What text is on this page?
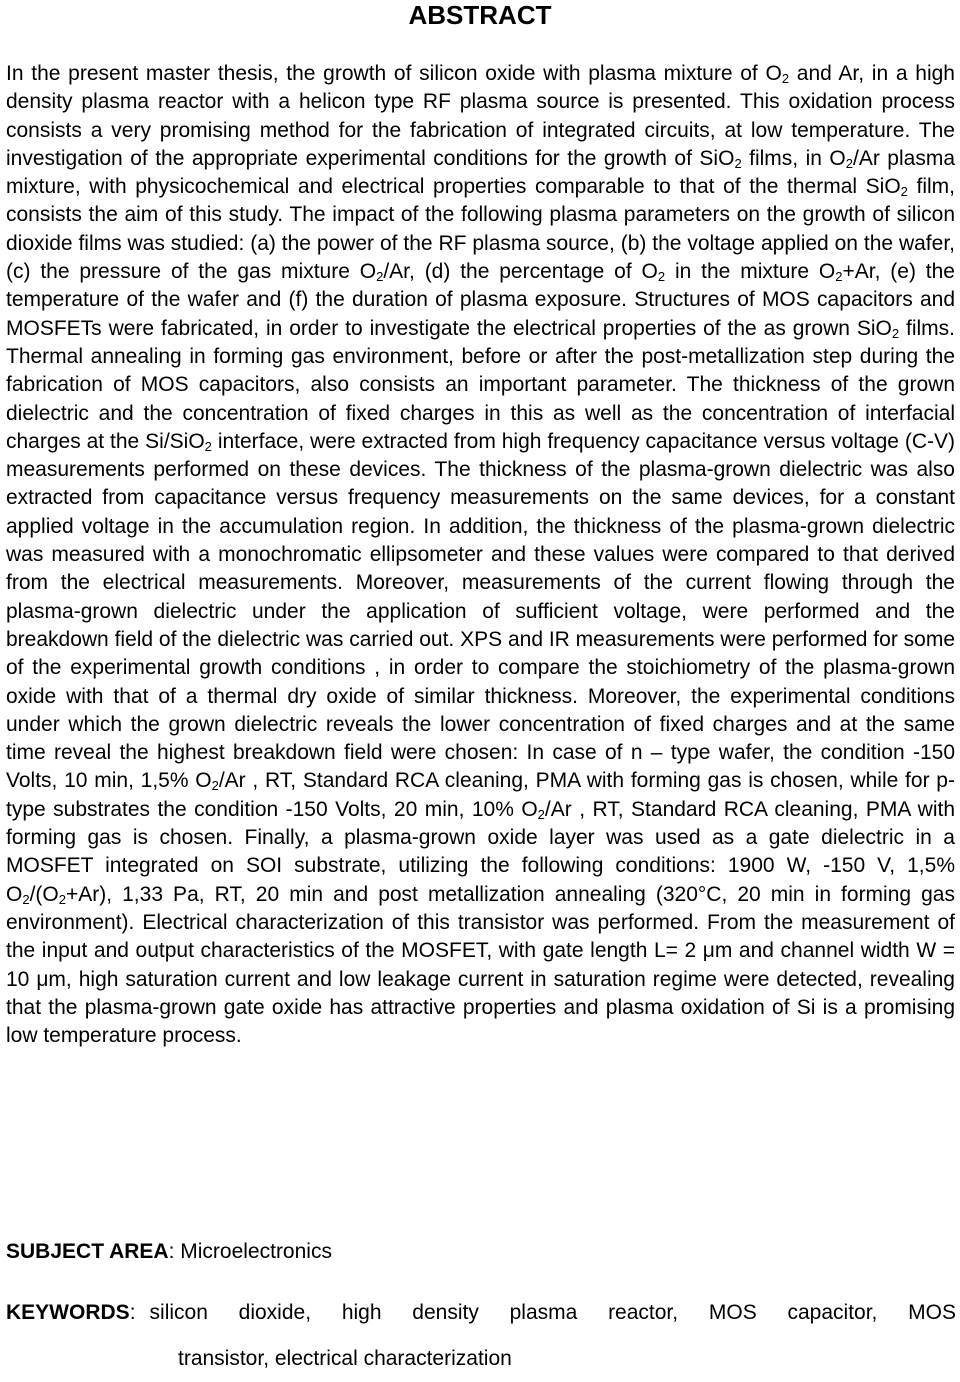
ABSTRACT

In the present master thesis, the growth of silicon oxide with plasma mixture of $O_2$ and Ar, in a high density plasma reactor with a helicon type RF plasma source is presented. This oxidation process consists a very promising method for the fabrication of integrated circuits, at low temperature. The investigation of the appropriate experimental conditions for the growth of SiO$_2$ films, in $O_2/Ar$ plasma mixture, with physicochemical and electrical properties comparable to that of the thermal SiO$_2$ film, consists the aim of this study. The impact of the following plasma parameters on the growth of silicon dioxide films was studied: (a) the power of the RF plasma source, (b) the voltage applied on the wafer, (c) the pressure of the gas mixture $O_2/Ar$, (d) the percentage of $O_2$ in the mixture $O_2+Ar$, (e) the temperature of the wafer and (f) the duration of plasma exposure. Structures of MOS capacitors and MOSFETs were fabricated, in order to investigate the electrical properties of the as grown SiO$_2$ films. Thermal annealing in forming gas environment, before or after the post-metallization step during the fabrication of MOS capacitors, also consists an important parameter. The thickness of the grown dielectric and the concentration of fixed charges in this as well as the concentration of interfacial charges at the Si/SiO$_2$ interface, were extracted from high frequency capacitance versus voltage (C-V) measurements performed on these devices. The thickness of the plasma-grown dielectric was also extracted from capacitance versus frequency measurements on the same devices, for a constant applied voltage in the accumulation region. In addition, the thickness of the plasma-grown dielectric was measured with a monochromatic ellipsometer and these values were compared to that derived from the electrical measurements. Moreover, measurements of the current flowing through the plasma-grown dielectric under the application of sufficient voltage, were performed and the breakdown field of the dielectric was carried out. XPS and IR measurements were performed for some of the experimental growth conditions , in order to compare the stoichiometry of the plasma-grown oxide with that of a thermal dry oxide of similar thickness. Moreover, the experimental conditions under which the grown dielectric reveals the lower concentration of fixed charges and at the same time reveal the highest breakdown field were chosen: In case of n – type wafer, the condition -150 Volts, 10 min, 1,5% $O_2/Ar$ , RT, Standard RCA cleaning, PMA with forming gas is chosen, while for p-type substrates the condition -150 Volts, 20 min, 10% $O_2/Ar$ , RT, Standard RCA cleaning, PMA with forming gas is chosen. Finally, a plasma-grown oxide layer was used as a gate dielectric in a MOSFET integrated on SOI substrate, utilizing the following conditions: 1900 W, -150 V, 1,5% $O_2/(O_2+Ar)$, 1,33 Pa, RT, 20 min and post metallization annealing (320°C, 20 min in forming gas environment). Electrical characterization of this transistor was performed. From the measurement of the input and output characteristics of the MOSFET, with gate length L= 2 μm and channel width W = 10 μm, high saturation current and low leakage current in saturation regime were detected, revealing that the plasma-grown gate oxide has attractive properties and plasma oxidation of Si is a promising low temperature process.

SUBJECT AREA: Microelectronics

KEYWORDS: silicon dioxide, high density plasma reactor, MOS capacitor, MOS
transistor, electrical characterization
